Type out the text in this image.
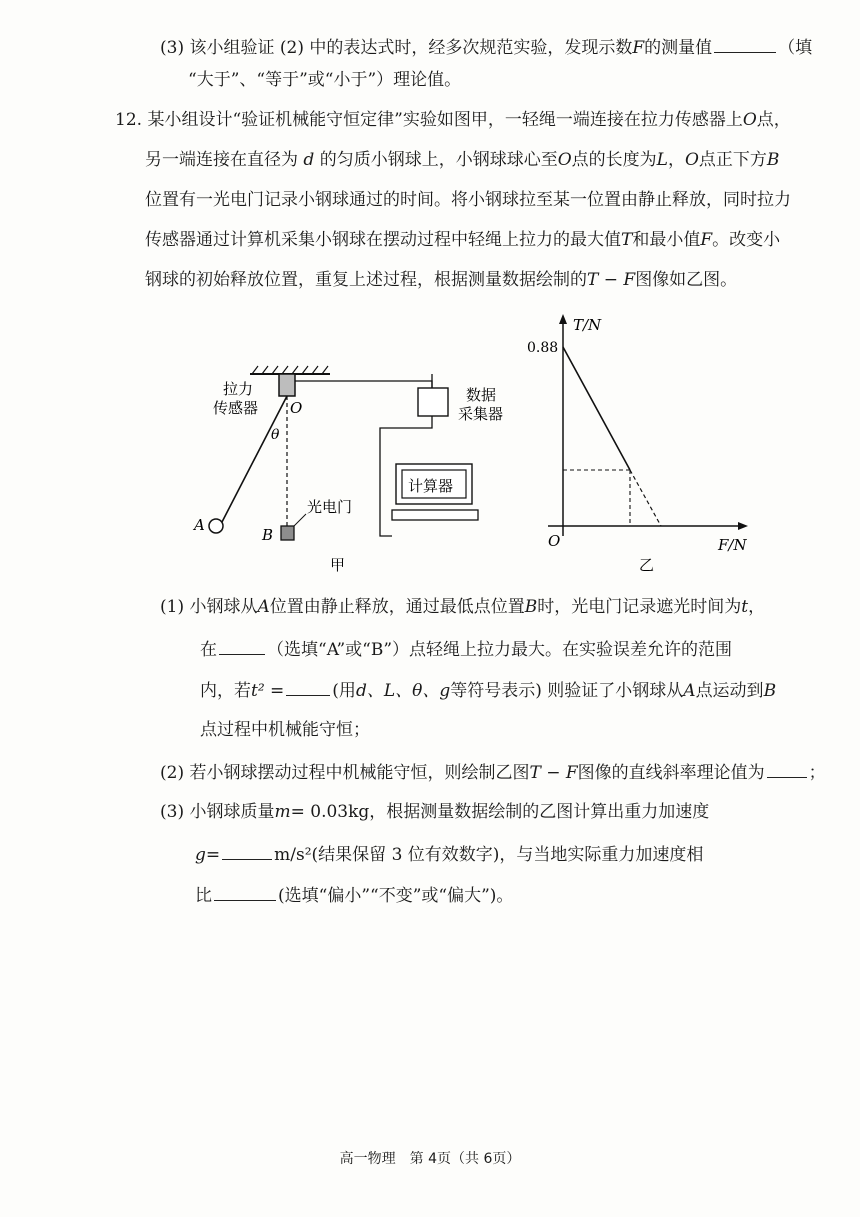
(3) 该小组验证 (2) 中的表达式时，经多次规范实验，发现示数F的测量值	（填
“大于”、“等于”或“小于”）理论值。
12. 某小组设计“验证机械能守恒定律”实验如图甲，一轻绳一端连接在拉力传感器上O点，
另一端连接在直径为 d 的匀质小钢球上，小钢球球心至O点的长度为L，O点正下方B
位置有一光电门记录小钢球通过的时间。将小钢球拉至某一位置由静止释放，同时拉力
传感器通过计算机采集小钢球在摆动过程中轻绳上拉力的最大值T和最小值F。改变小
钢球的初始释放位置，重复上述过程，根据测量数据绘制的T − F图像如乙图。
拉力
传感器 O
θ
数据
采集器
计算器
光电门
A
B
甲
T/N
F/N
O
0.88
乙
(1) 小钢球从A位置由静止释放，通过最低点位置B时，光电门记录遮光时间为t，
在	（选填“A”或“B”）点轻绳上拉力最大。在实验误差允许的范围
内，若t² =	(用d、L、θ、g等符号表示) 则验证了小钢球从A点运动到B
点过程中机械能守恒；
(2) 若小钢球摆动过程中机械能守恒，则绘制乙图T − F图像的直线斜率理论值为	；
(3) 小钢球质量m= 0.03kg，根据测量数据绘制的乙图计算出重力加速度
g=	m/s²(结果保留 3 位有效数字)，与当地实际重力加速度相
比	(选填“偏小”“不变”或“偏大”)。
高一物理　第 4页（共 6页）
